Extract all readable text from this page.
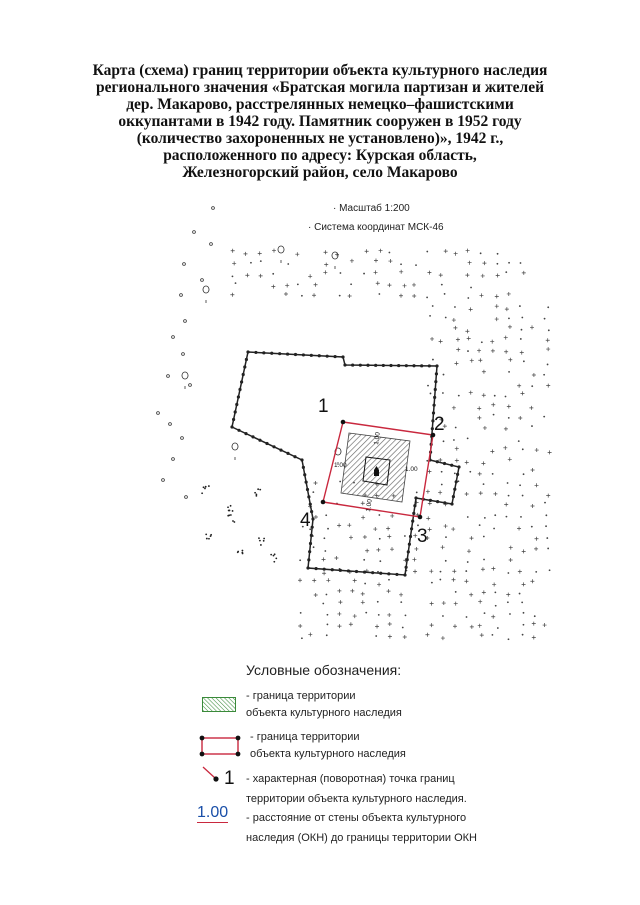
Карта (схема) границ территории объекта культурного наследия
регионального значения «Братская могила партизан и жителей
дер. Макарово, расстрелянных немецко–фашистскими
оккупантами в 1942 году. Памятник сооружен в 1952 году
(количество захороненных не установлено)», 1942 г.,
расположенного по адресу: Курская область,
Железногорский район, село Макарово
· Масштаб 1:200
· Система координат МСК-46
1
2
3
4
1.00
1.00
1.00
1.00
Условные обозначения:
- граница территории
объекта культурного наследия
- граница территории
объекта культурного наследия
1 - характерная (поворотная) точка границ
территории объекта культурного наследия.
1.00 - расстояние от стены объекта культурного
наследия (ОКН) до границы территории ОКН
